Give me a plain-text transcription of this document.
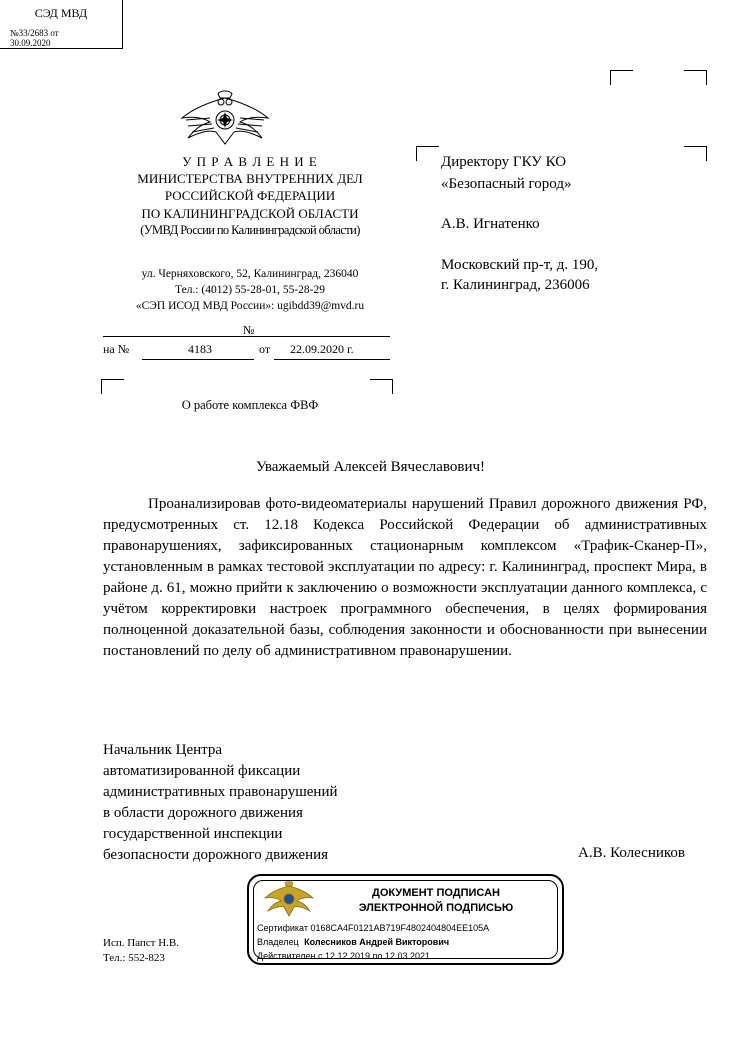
СЭД МВД
№33/2683 от
30.09.2020
У П Р А В Л Е Н И Е
МИНИСТЕРСТВА ВНУТРЕННИХ ДЕЛ
РОССИЙСКОЙ ФЕДЕРАЦИИ
ПО КАЛИНИНГРАДСКОЙ ОБЛАСТИ
(УМВД России по Калининградской области)
ул. Черняховского, 52, Калининград, 236040
Тел.: (4012) 55-28-01, 55-28-29
«СЭП ИСОД МВД России»: ugibdd39@mvd.ru
№
на №	4183	от 22.09.2020 г.
О работе комплекса ФВФ
Директору ГКУ КО
«Безопасный город»
А.В. Игнатенко
Московский пр-т, д. 190,
г. Калининград, 236006
Уважаемый Алексей Вячеславович!
Проанализировав фото-видеоматериалы нарушений Правил дорожного движения РФ, предусмотренных ст. 12.18 Кодекса Российской Федерации об административных правонарушениях, зафиксированных стационарным комплексом «Трафик-Сканер-П», установленным в рамках тестовой эксплуатации по адресу: г. Калининград, проспект Мира, в районе д. 61, можно прийти к заключению о возможности эксплуатации данного комплекса, с учётом корректировки настроек программного обеспечения, в целях формирования полноценной доказательной базы, соблюдения законности и обоснованности при вынесении постановлений по делу об административном правонарушении.
Начальник Центра
автоматизированной фиксации
административных правонарушений
в области дорожного движения
государственной инспекции
безопасности дорожного движения	А.В. Колесников
ДОКУМЕНТ ПОДПИСАН
ЭЛЕКТРОННОЙ ПОДПИСЬЮ
Сертификат 0168CA4F0121AB719F4802404804EE105A
Владелец Колесников Андрей Викторович
Действителен с 12.12.2019 по 12.03.2021
Исп. Папст Н.В.
Тел.: 552-823
